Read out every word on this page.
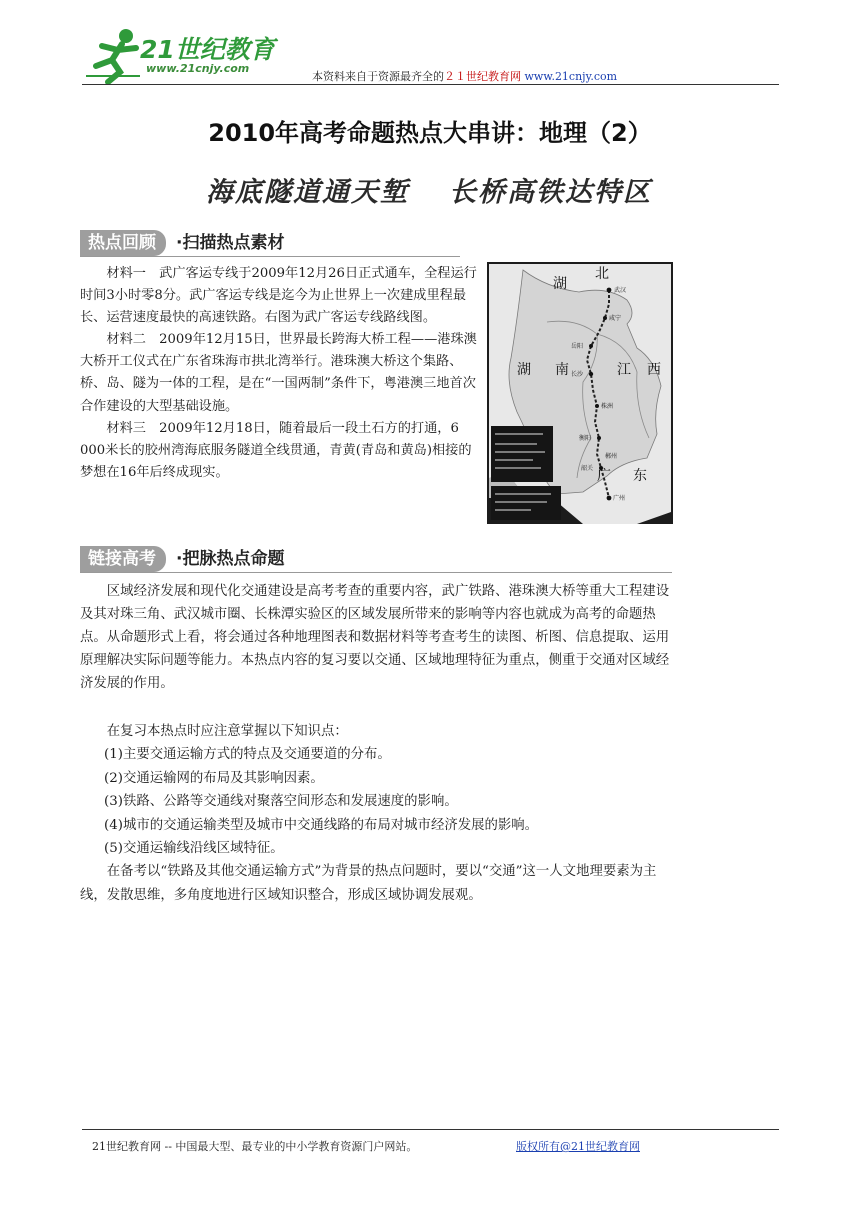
21世纪教育
www.21cnjy.com
本资料来自于资源最齐全的２１世纪教育网 www.21cnjy.com
2010年高考命题热点大串讲：地理（2）
海底隧道通天堑 长桥高铁达特区
热点回顾 ·扫描热点素材

材料一　武广客运专线于2009年12月26日正式通车，全程运行时间3小时零8分。武广客运专线是迄今为止世界上一次建成里程最长、运营速度最快的高速铁路。右图为武广客运专线路线图。

材料二　2009年12月15日，世界最长跨海大桥工程——港珠澳大桥开工仪式在广东省珠海市拱北湾举行。港珠澳大桥这个集路、桥、岛、隧为一体的工程，是在“一国两制”条件下，粤港澳三地首次合作建设的大型基础设施。

材料三　2009年12月18日，随着最后一段土石方的打通，6 000米长的胶州湾海底服务隧道全线贯通，青黄(青岛和黄岛)相接的梦想在16年后终成现实。

湖
北
湖 南	江 西
广 东
武汉
咸宁
岳阳
长沙
株洲
衡阳
郴州
韶关
广州
链接高考 ·把脉热点命题

区域经济发展和现代化交通建设是高考考查的重要内容，武广铁路、港珠澳大桥等重大工程建设及其对珠三角、武汉城市圈、长株潭实验区的区域发展所带来的影响等内容也就成为高考的命题热点。从命题形式上看，将会通过各种地理图表和数据材料等考查考生的读图、析图、信息提取、运用原理解决实际问题等能力。本热点内容的复习要以交通、区域地理特征为重点，侧重于交通对区域经济发展的作用。

在复习本热点时应注意掌握以下知识点：

(1)主要交通运输方式的特点及交通要道的分布。

(2)交通运输网的布局及其影响因素。

(3)铁路、公路等交通线对聚落空间形态和发展速度的影响。

(4)城市的交通运输类型及城市中交通线路的布局对城市经济发展的影响。

(5)交通运输线沿线区域特征。

在备考以“铁路及其他交通运输方式”为背景的热点问题时，要以“交通”这一人文地理要素为主线，发散思维，多角度地进行区域知识整合，形成区域协调发展观。

21世纪教育网 -- 中国最大型、最专业的中小学教育资源门户网站。	版权所有@21世纪教育网
